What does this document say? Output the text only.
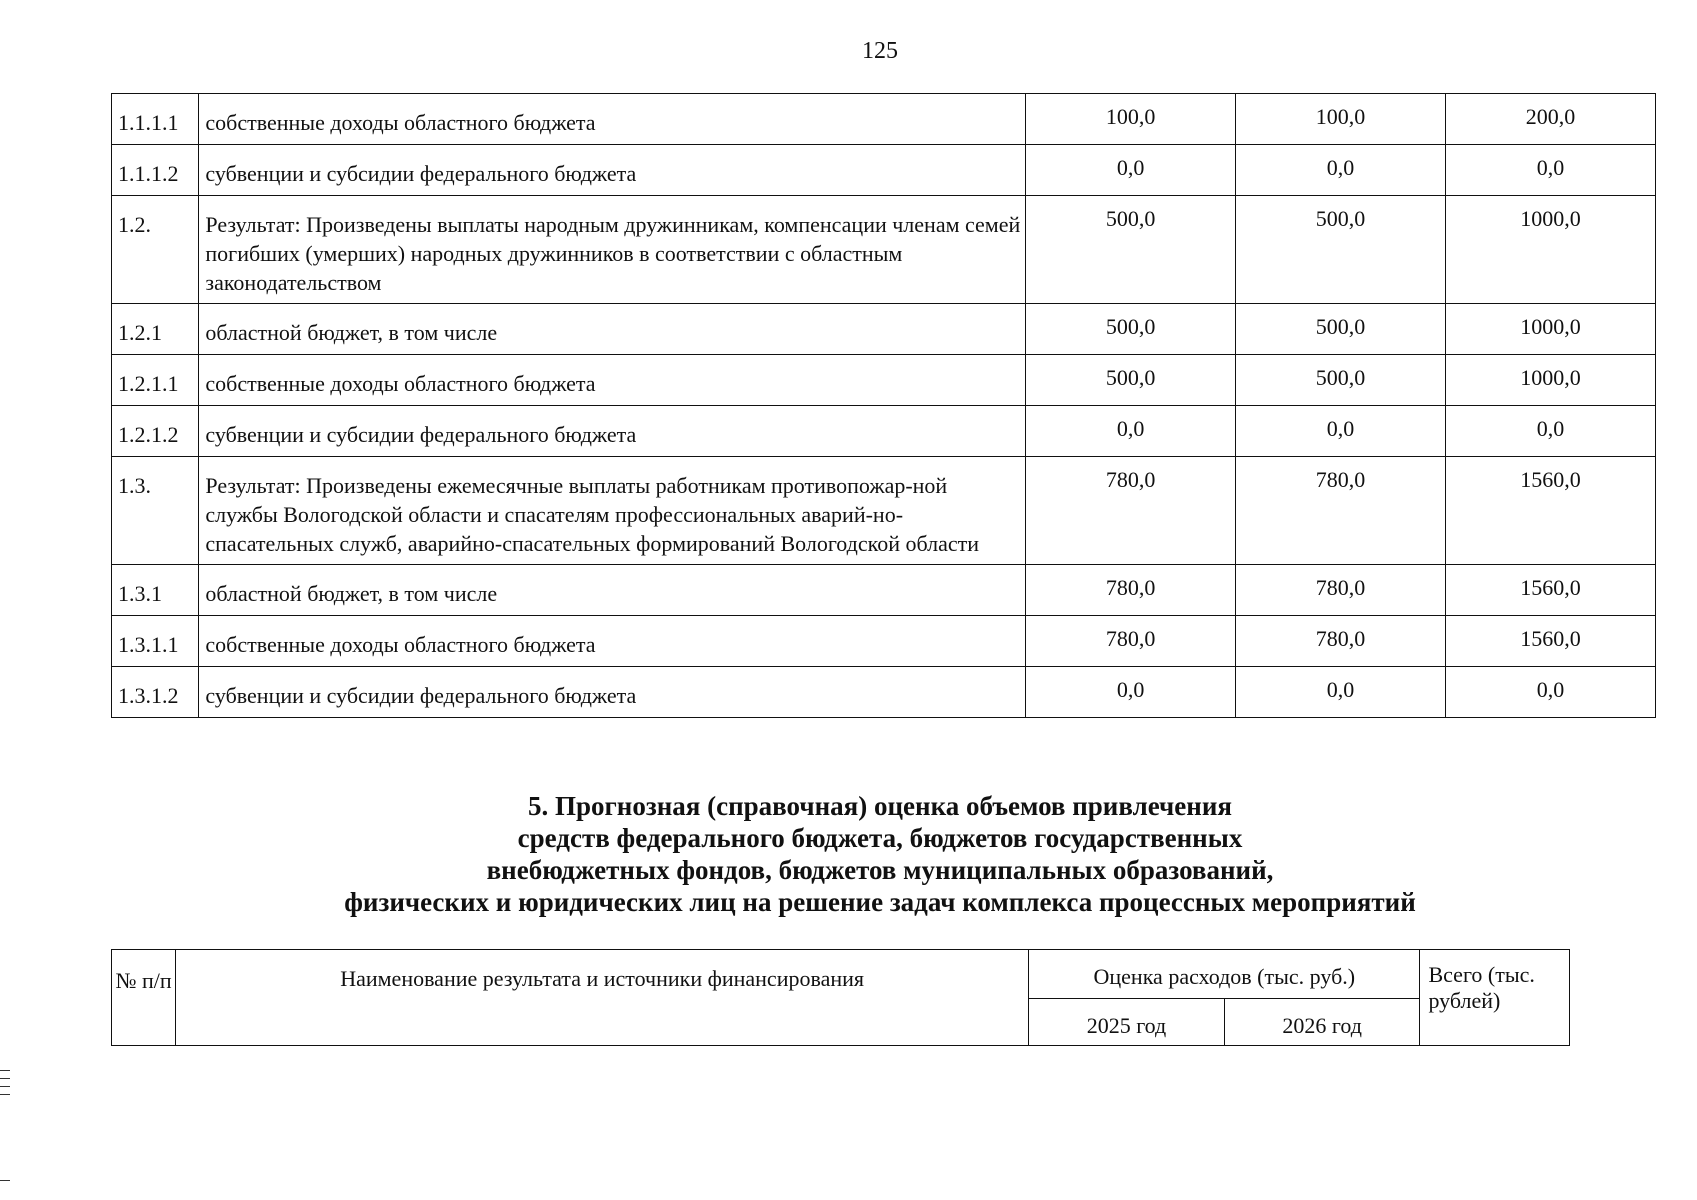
125
1.1.1.1	собственные доходы областного бюджета	100,0	100,0	200,0
1.1.1.2	субвенции и субсидии федерального бюджета	0,0	0,0	0,0
1.2.	Результат: Произведены выплаты народным дружинникам, компенсации членам семей погибших (умерших) народных дружинников в соответствии с областным законодательством	500,0	500,0	1000,0
1.2.1	областной бюджет, в том числе	500,0	500,0	1000,0
1.2.1.1	собственные доходы областного бюджета	500,0	500,0	1000,0
1.2.1.2	субвенции и субсидии федерального бюджета	0,0	0,0	0,0
1.3.	Результат: Произведены ежемесячные выплаты работникам противопожар-ной службы Вологодской области и спасателям профессиональных аварий-но-спасательных служб, аварийно-спасательных формирований Вологодской области	780,0	780,0	1560,0
1.3.1	областной бюджет, в том числе	780,0	780,0	1560,0
1.3.1.1	собственные доходы областного бюджета	780,0	780,0	1560,0
1.3.1.2	субвенции и субсидии федерального бюджета	0,0	0,0	0,0
5. Прогнозная (справочная) оценка объемов привлечения
средств федерального бюджета, бюджетов государственных
внебюджетных фондов, бюджетов муниципальных образований,
физических и юридических лиц на решение задач комплекса процессных мероприятий
№ п/п	Наименование результата и источники финансирования	Оценка расходов (тыс. руб.)		Всего (тыс. рублей)
		2025 год	2026 год	
